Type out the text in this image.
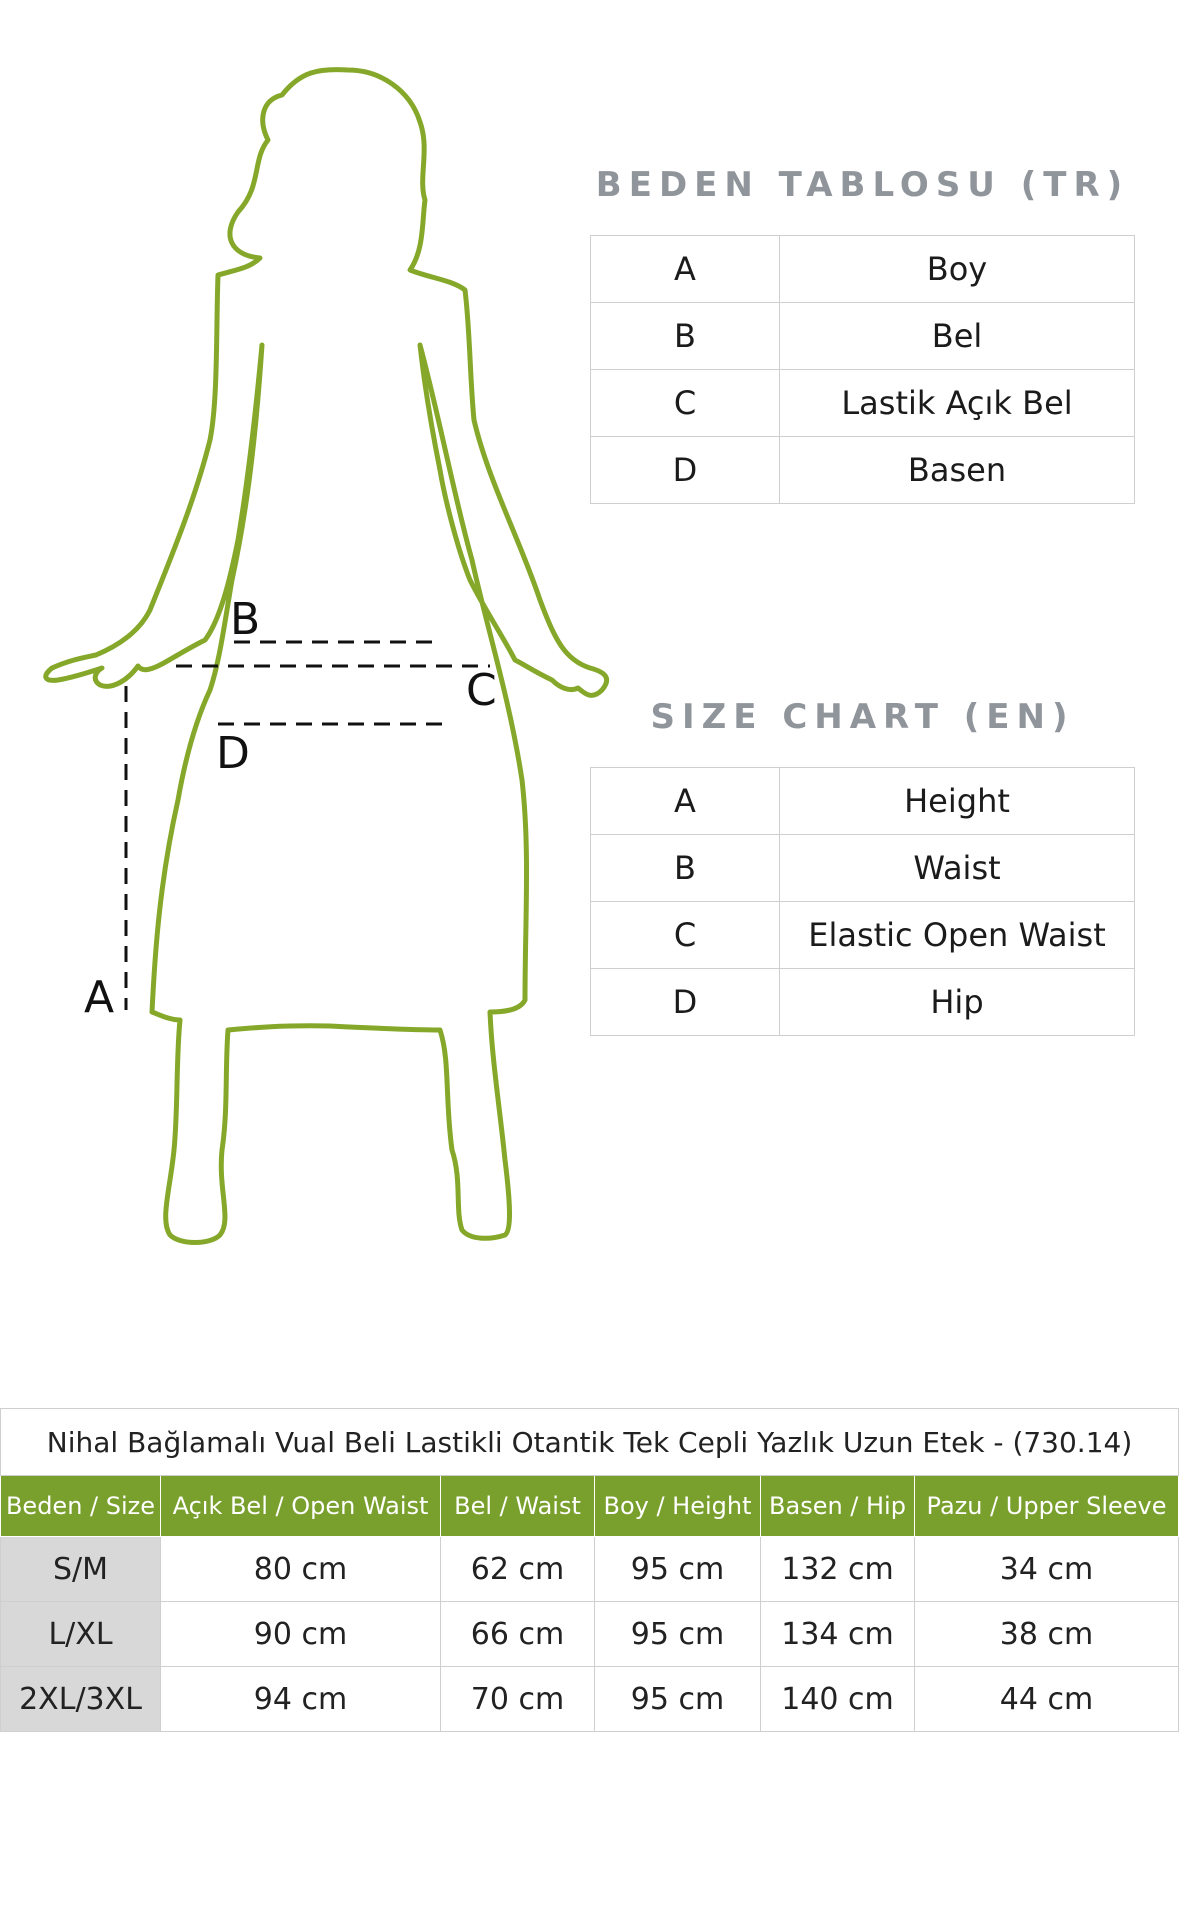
B
C
D
A
BEDEN TABLOSU (TR)
A	Boy
B	Bel
C	Lastik Açık Bel
D	Basen
SIZE CHART (EN)
A	Height
B	Waist
C	Elastic Open Waist
D	Hip
Nihal Bağlamalı Vual Beli Lastikli Otantik Tek Cepli Yazlık Uzun Etek - (730.14)					
Beden / Size	Açık Bel / Open Waist	Bel / Waist	Boy / Height	Basen / Hip	Pazu / Upper Sleeve
S/M	80 cm	62 cm	95 cm	132 cm	34 cm
L/XL	90 cm	66 cm	95 cm	134 cm	38 cm
2XL/3XL	94 cm	70 cm	95 cm	140 cm	44 cm
